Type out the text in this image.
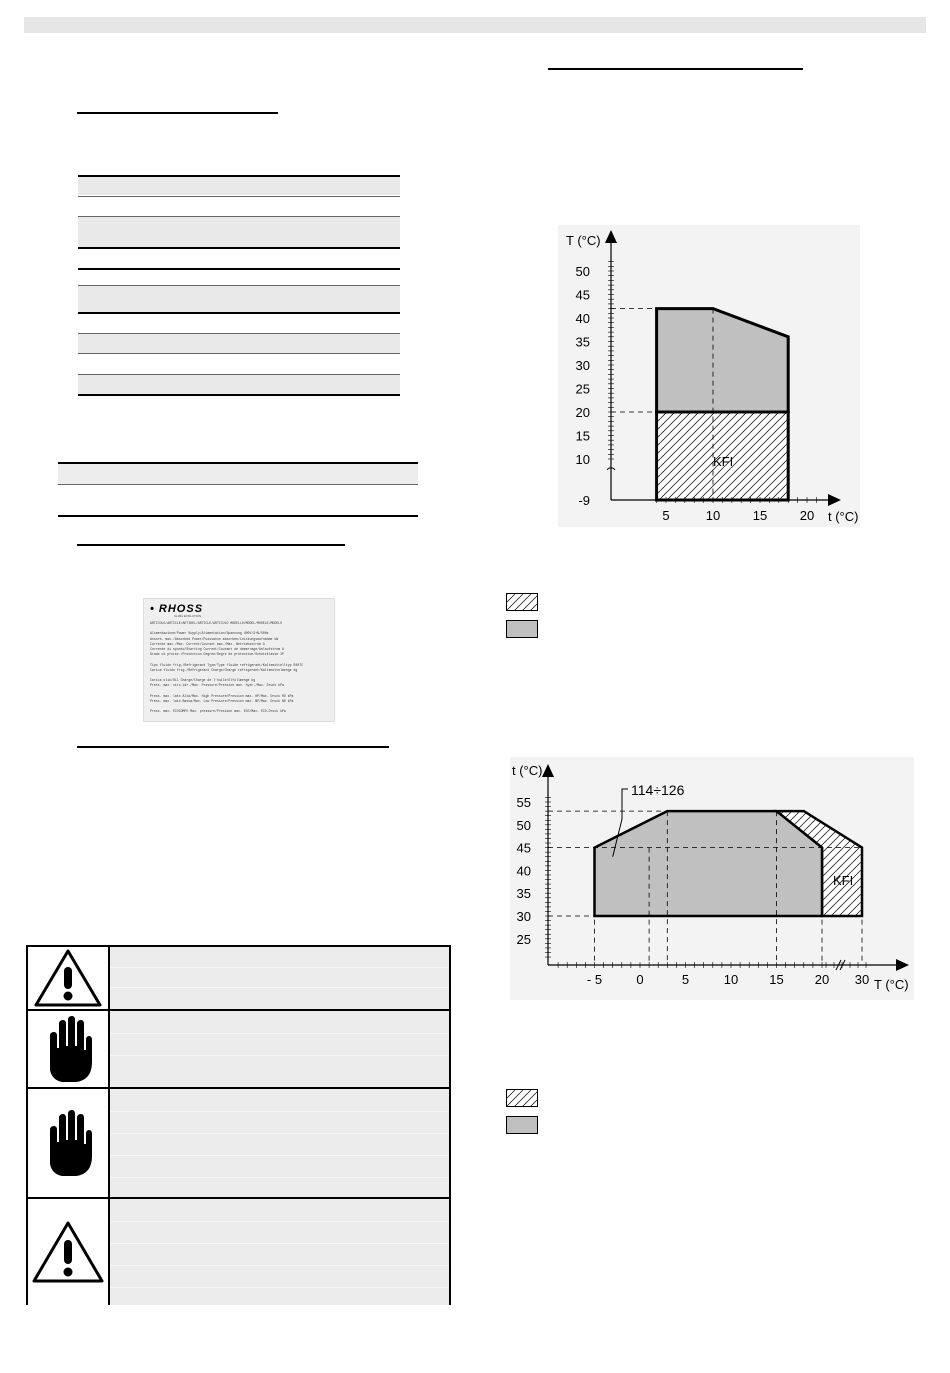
• RHOSS
CLIMA EVOLUTION
ARTICOLO/ARTICLE/ARTIKEL/ARTICLE/ARTICULO MODELLO/MODEL/MODELE/MODELO
Alimentazione/Power Supply/Alimentation/Spannung 400V/3+N/50Hz
Assorb. max./Absorbed Power/Puissance absorbee/Leistungsaufnahme kW
Corrente max./Max. Current/Courant max./Max. Betriebsstrom A
Corrente di spunto/Starting Current/Courant de demarrage/Anlaufstrom A
Grado di protez./Protection Degree/Degre de protection/Schutzklasse IP
Tipo fluido frig./Refrigerant Type/Type fluide refrigerant/Kaltemittelltyp R407C
Carica fluido frig./Refrigerant Charge/Charge refrigerant/Kaltemittelmenge kg
Carica olio/Oil Charge/Charge de l'huile/Olfullmenge kg
Press. max. circ.idr./Max. Pressure/Pression max. hydr./Max. Druck kPa
Press. max. lato Alta/Max. High Pressure/Pression max. HP/Max. Druck HD kPa
Press. max. lato Bassa/Max. Low Pressure/Pression max. BP/Max. Druck ND kPa
Press. max. ECOCOMFO Max. pressure/Pression max. ECO/Max. ECO-Druck kPa
-9
10
15
20
25
30
35
40
45
50
5	10	15	20
T (°C)
t (°C)
KFI
114÷126
25
30
35
40
45
50
55
- 5	0	5	10 15 20 30
t (°C)
T (°C)
KFI
